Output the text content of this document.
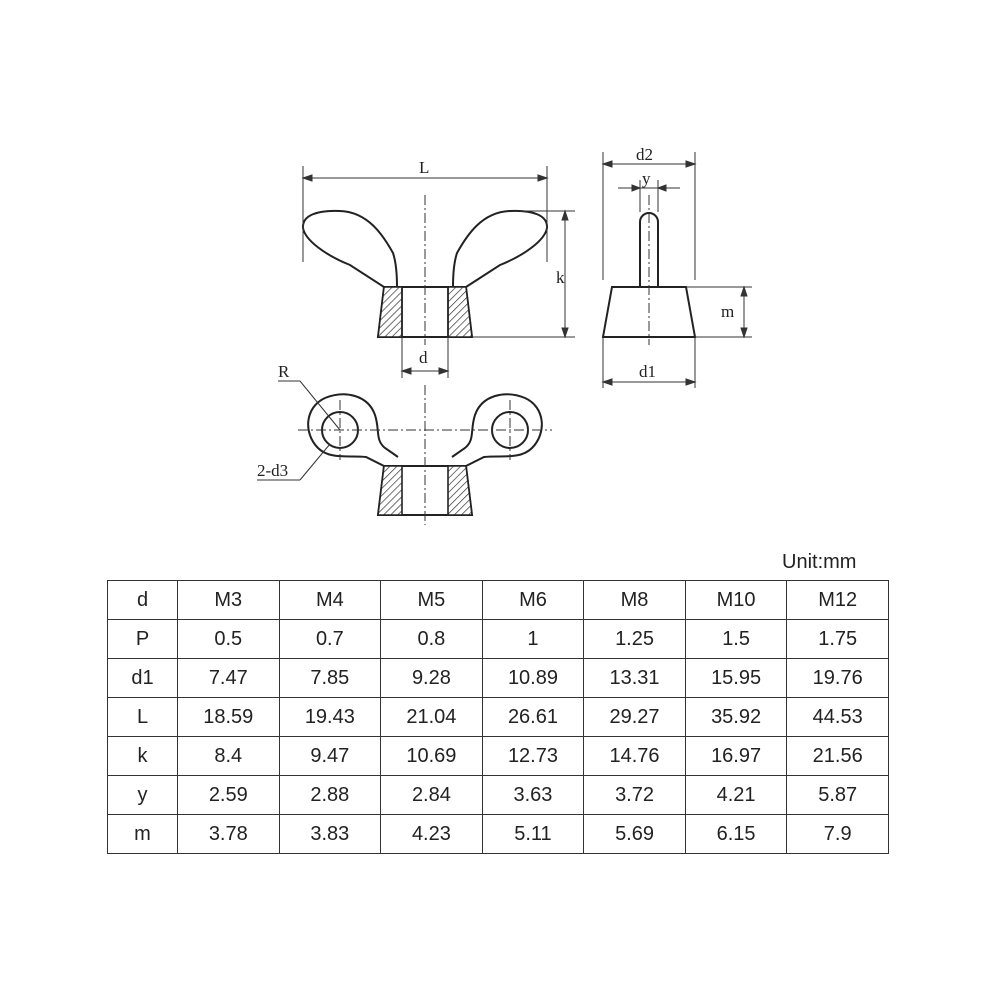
L
k
d
d2
y
m
d1
R
2-d3
Unit:mm
d	M3	M4	M5	M6	M8	M10	M12
P	0.5	0.7	0.8	1	1.25	1.5	1.75
d1	7.47	7.85	9.28	10.89	13.31	15.95	19.76
L	18.59	19.43	21.04	26.61	29.27	35.92	44.53
k	8.4	9.47	10.69	12.73	14.76	16.97	21.56
y	2.59	2.88	2.84	3.63	3.72	4.21	5.87
m	3.78	3.83	4.23	5.11	5.69	6.15	7.9
